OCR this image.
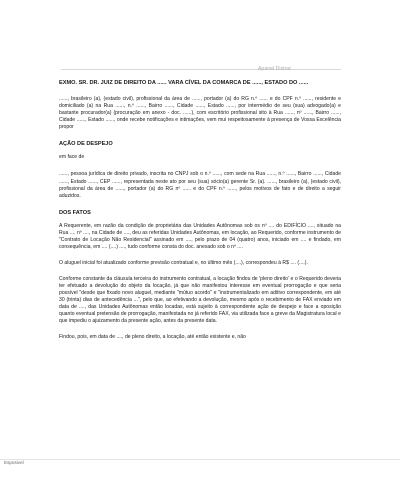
Apanel Distrat

EXMO. SR. DR. JUIZ DE DIREITO DA ...... VARA CÍVEL DA COMARCA DE ......, ESTADO DO ......

......, brasileiro (a), (estado civil), profissional da área de ......, portador (a) do RG n.º ...... e do CPF n.º ......, residente e domiciliado (a) na Rua ......, n.º ......, Bairro ......, Cidade ......, Estado ......, por intermédio de seu (sua) advogado(a) e bastante procurador(a) (procuração em anexo - doc. ......), com escritório profissional sito à Rua ......, nº ......, Bairro ......, Cidade ......, Estado ......, onde recebe notificações e intimações, vem mui respeitosamente à presença de Vossa Excelência propor

AÇÃO DE DESPEJO

em face de

......, pessoa jurídica de direito privado, inscrita no CNPJ sob o n.º ......, com sede na Rua ......, n.º ......, Bairro ......, Cidade ......, Estado ......, CEP ......, representada neste ato por seu (sua) sócio(a) gerente Sr. (a). ......, brasileiro (a), (estado civil), profissional da área de ......, portador (a) do RG nº ...... e do CPF n.º ......, pelos motivos de fato e de direito a seguir aduzidos.

DOS FATOS

A Requerente, em razão da condição de proprietária das Unidades Autônomas sob os nº .... do EDIFÍCIO ...., situado na Rua .... nº ...., na Cidade de ...., deu as referidas Unidades Autônomas, em locação, ao Requerido, conforme instrumento de "Contrato de Locação Não Residencial" assinado em ...., pelo prazo de 04 (quatro) anos, iniciado em .... e findado, em consequência, em .... (....) ...., tudo conforme consta do doc. anexado sob o nº ....

O aluguel inicial foi atualizado conforme previsão contratual e, no último mês (....), correspondeu à R$ .... (....).

Conforme constante da cláusula terceira do instrumento contratual, a locação findou de 'pleno direito' e o Requerido deveria ter efetuado a devolução do objeto da locação, já que não manifestou interesse em eventual prorrogação e que seria possível "desde que fixado novo aluguel, mediante "mútuo acordo" e "instrumentalizado em aditivo correspondente, em até 30 (trinta) dias de antecedência ...", pelo que, ao efetivando a devolução, mesmo após o recebimento de FAX enviado em data de ...., das Unidades Autônomas então locadas, está sujeito à correspondente ação de despejo e face a oposição quanto eventual pretensão de prorrogação, manifestada no já referido FAX, via utilizada face a greve da Magistratura local e que impediu o ajuizamento da presente ação, antes da presente data.

Findou, pois, em data de ...., de pleno direito, a locação, até então existente e, não

Esposivel
